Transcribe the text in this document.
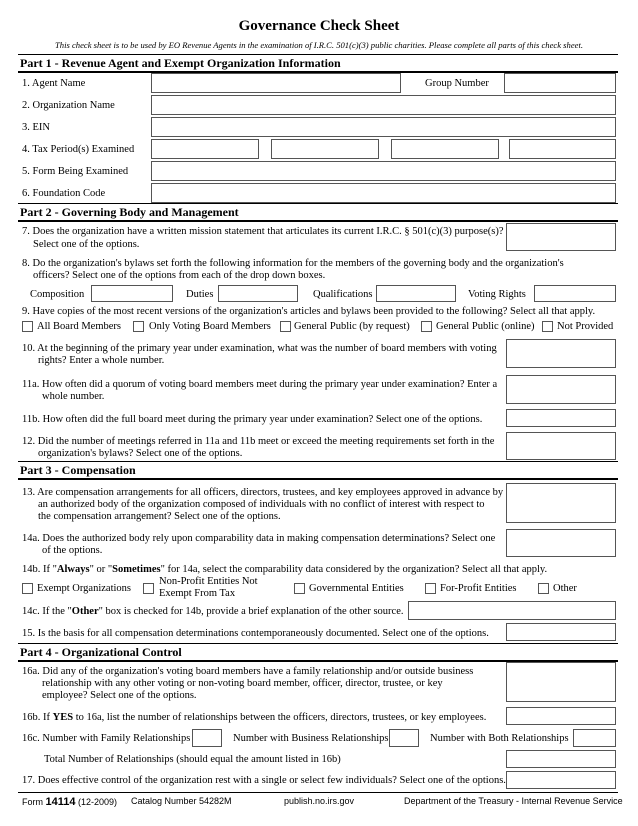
Governance Check Sheet
This check sheet is to be used by EO Revenue Agents in the examination of I.R.C. 501(c)(3) public charities. Please complete all parts of this check sheet.
Part 1 - Revenue Agent and Exempt Organization Information
1. Agent Name	Group Number
2. Organization Name
3. EIN
4. Tax Period(s) Examined
5. Form Being Examined
6. Foundation Code
Part 2 - Governing Body and Management
7. Does the organization have a written mission statement that articulates its current I.R.C. § 501(c)(3) purpose(s)?
Select one of the options.
8. Do the organization's bylaws set forth the following information for the members of the governing body and the organization's
officers? Select one of the options from each of the drop down boxes.
Composition	Duties	Qualifications	Voting Rights
9. Have copies of the most recent versions of the organization's articles and bylaws been provided to the following? Select all that apply.
All Board Members	Only Voting Board Members General Public (by request) General Public (online) Not Provided
10. At the beginning of the primary year under examination, what was the number of board members with voting
rights? Enter a whole number.
11a. How often did a quorum of voting board members meet during the primary year under examination? Enter a
whole number.
11b. How often did the full board meet during the primary year under examination? Select one of the options.
12. Did the number of meetings referred in 11a and 11b meet or exceed the meeting requirements set forth in the
organization's bylaws? Select one of the options.
Part 3 - Compensation
13. Are compensation arrangements for all officers, directors, trustees, and key employees approved in advance by
an authorized body of the organization composed of individuals with no conflict of interest with respect to
the compensation arrangement? Select one of the options.
14a. Does the authorized body rely upon comparability data in making compensation determinations? Select one
of the options.
14b. If "Always" or "Sometimes" for 14a, select the comparability data considered by the organization? Select all that apply.
Exempt Organizations
Non-Profit Entities Not
Exempt From Tax	Governmental Entities	For-Profit Entities	Other
14c. If the "Other" box is checked for 14b, provide a brief explanation of the other source.
15. Is the basis for all compensation determinations contemporaneously documented. Select one of the options.
Part 4 - Organizational Control
16a. Did any of the organization's voting board members have a family relationship and/or outside business
relationship with any other voting or non-voting board member, officer, director, trustee, or key
employee? Select one of the options.
16b. If YES to 16a, list the number of relationships between the officers, directors, trustees, or key employees.
16c. Number with Family Relationships	Number with Business Relationships	Number with Both Relationships
Total Number of Relationships (should equal the amount listed in 16b)
17. Does effective control of the organization rest with a single or select few individuals? Select one of the options.
Form 14114 (12-2009) Catalog Number 54282M	publish.no.irs.gov	Department of the Treasury - Internal Revenue Service
